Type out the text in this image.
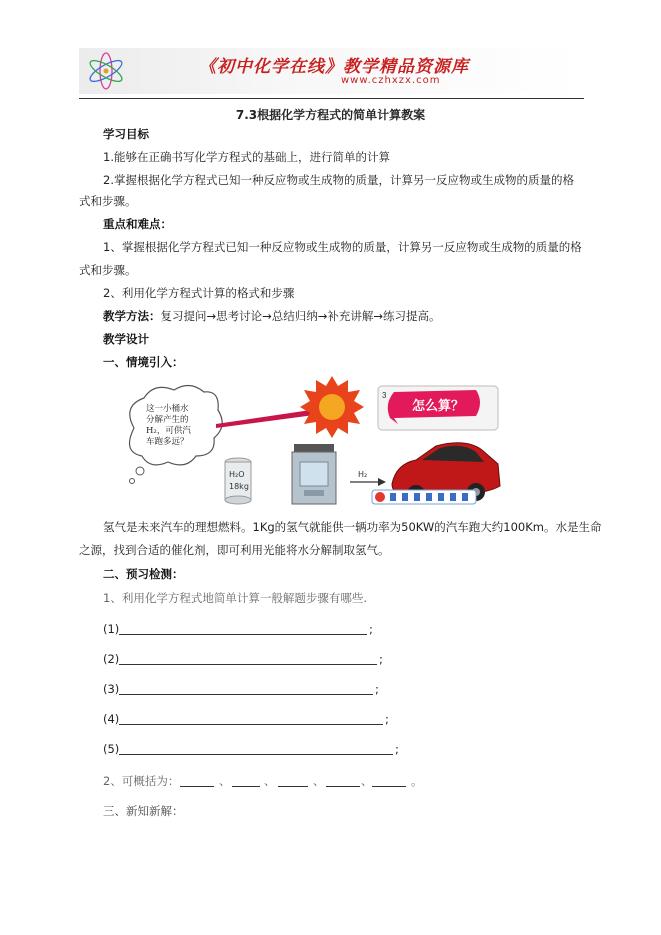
《初中化学在线》教学精品资源库
www.czhxzx.com
7.3根据化学方程式的简单计算教案
学习目标
1.能够在正确书写化学方程式的基础上，进行简单的计算
2.掌握根据化学方程式已知一种反应物或生成物的质量，计算另一反应物或生成物的质量的格
式和步骤。
重点和难点：
1、掌握根据化学方程式已知一种反应物或生成物的质量，计算另一反应物或生成物的质量的格
式和步骤。
2、利用化学方程式计算的格式和步骤
教学方法：复习提问→思考讨论→总结归纳→补充讲解→练习提高。
教学设计
一、情境引入：
3
这一小桶水
分解产生的
H₂，可供汽
车跑多远？
怎么算？
H₂O
18kg
H₂
氢气是未来汽车的理想燃料。1Kg的氢气就能供一辆功率为50KW的汽车跑大约100Km。水是生命
之源，找到合适的催化剂，即可利用光能将水分解制取氢气。
二、预习检测：
1、利用化学方程式地简单计算一般解题步骤有哪些.
(1)	;
(2)	;
(3)	;
(4)	;
(5)	;
2、可概括为：	、	、	、	、	。
三、新知新解：
